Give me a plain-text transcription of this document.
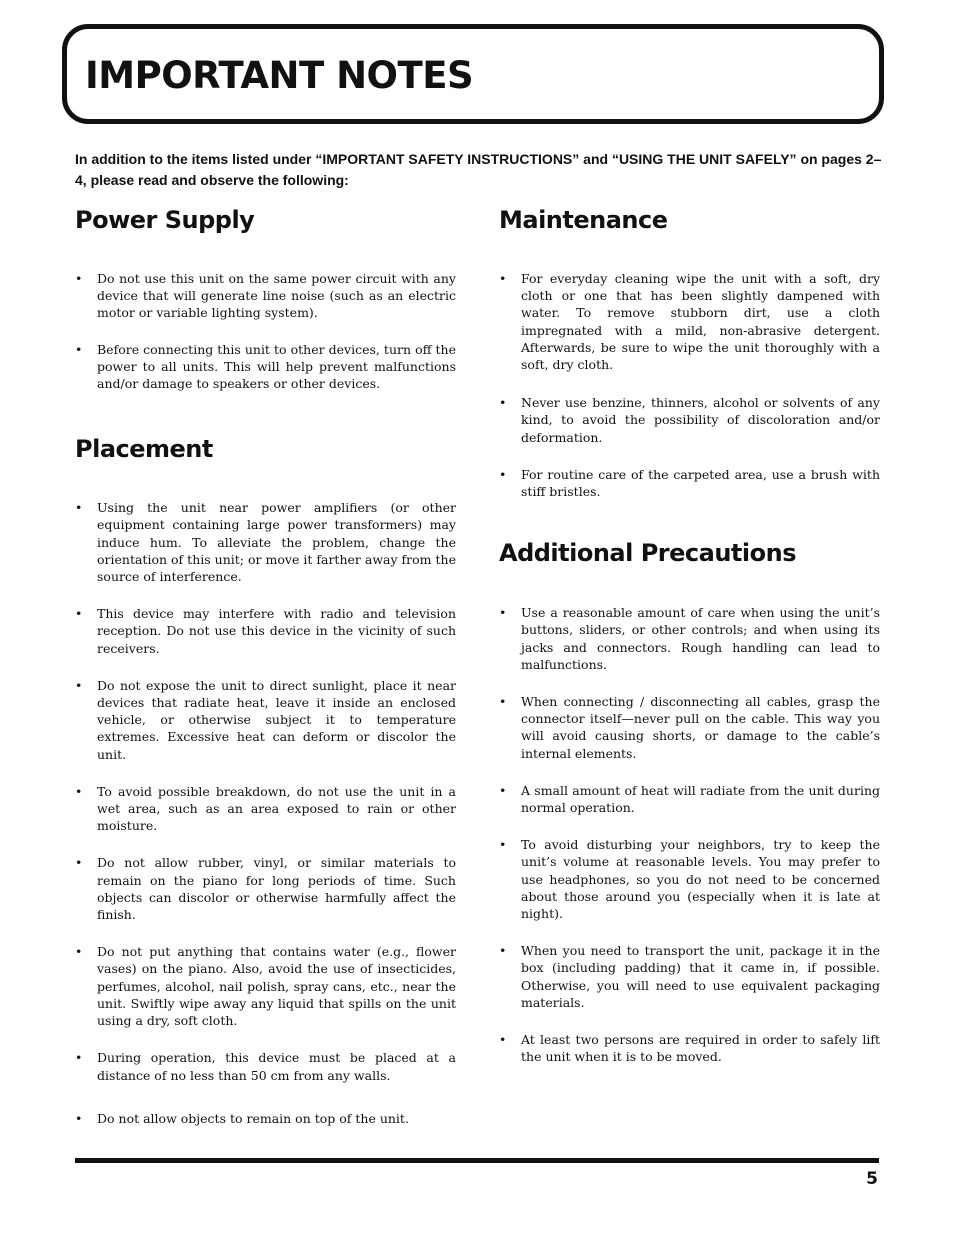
IMPORTANT NOTES

In addition to the items listed under “IMPORTANT SAFETY INSTRUCTIONS” and “USING THE UNIT SAFELY” on pages 2–4, please read and observe the following:

Power Supply
• Do not use this unit on the same power circuit with any device that will generate line noise (such as an electric motor or variable lighting system).
• Before connecting this unit to other devices, turn off the power to all units. This will help prevent malfunctions and/or damage to speakers or other devices.
Placement
• Using the unit near power amplifiers (or other equipment containing large power transformers) may induce hum. To alleviate the problem, change the orientation of this unit; or move it farther away from the source of interference.
• This device may interfere with radio and television reception. Do not use this device in the vicinity of such receivers.
• Do not expose the unit to direct sunlight, place it near devices that radiate heat, leave it inside an enclosed vehicle, or otherwise subject it to temperature extremes. Excessive heat can deform or discolor the unit.
• To avoid possible breakdown, do not use the unit in a wet area, such as an area exposed to rain or other moisture.
• Do not allow rubber, vinyl, or similar materials to remain on the piano for long periods of time. Such objects can discolor or otherwise harmfully affect the finish.
• Do not put anything that contains water (e.g., flower vases) on the piano. Also, avoid the use of insecticides, perfumes, alcohol, nail polish, spray cans, etc., near the unit. Swiftly wipe away any liquid that spills on the unit using a dry, soft cloth.
• During operation, this device must be placed at a distance of no less than 50 cm from any walls.
• Do not allow objects to remain on top of the unit.
Maintenance
• For everyday cleaning wipe the unit with a soft, dry cloth or one that has been slightly dampened with water. To remove stubborn dirt, use a cloth impregnated with a mild, non-abrasive detergent. Afterwards, be sure to wipe the unit thoroughly with a soft, dry cloth.
• Never use benzine, thinners, alcohol or solvents of any kind, to avoid the possibility of discoloration and/or deformation.
• For routine care of the carpeted area, use a brush with stiff bristles.
Additional Precautions
• Use a reasonable amount of care when using the unit’s buttons, sliders, or other controls; and when using its jacks and connectors. Rough handling can lead to malfunctions.
• When connecting / disconnecting all cables, grasp the connector itself—never pull on the cable. This way you will avoid causing shorts, or damage to the cable’s internal elements.
• A small amount of heat will radiate from the unit during normal operation.
• To avoid disturbing your neighbors, try to keep the unit’s volume at reasonable levels. You may prefer to use headphones, so you do not need to be concerned about those around you (especially when it is late at night).
• When you need to transport the unit, package it in the box (including padding) that it came in, if possible. Otherwise, you will need to use equivalent packaging materials.
• At least two persons are required in order to safely lift the unit when it is to be moved.
5
